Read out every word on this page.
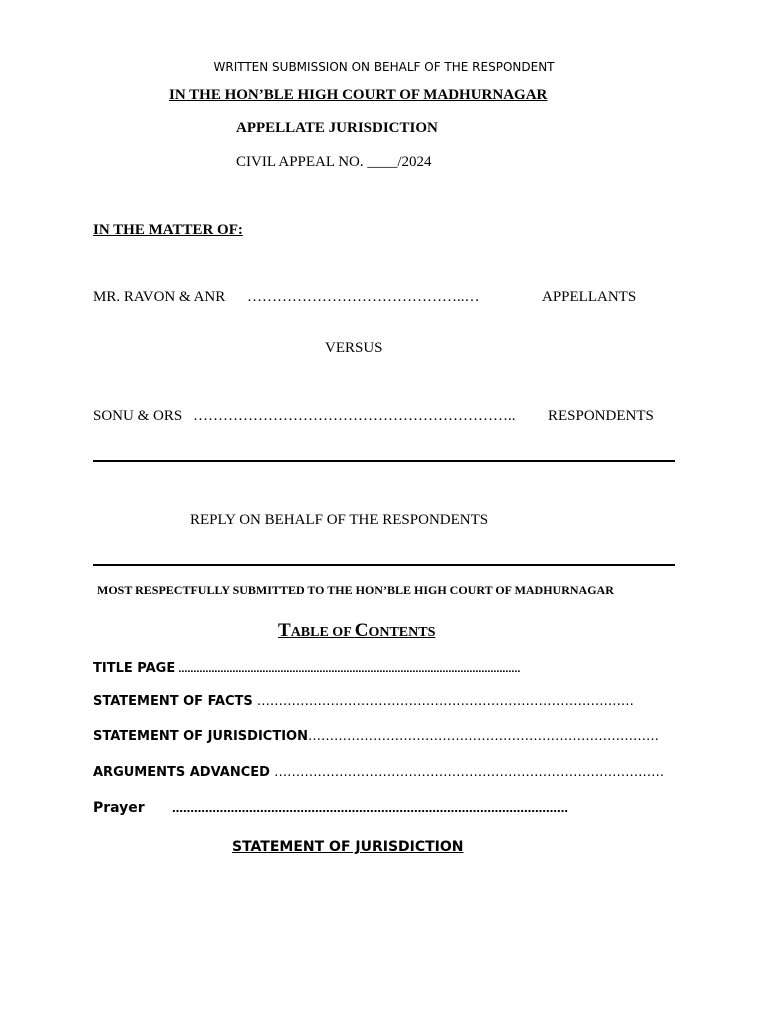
WRITTEN SUBMISSION ON BEHALF OF THE RESPONDENT
IN THE HON’BLE HIGH COURT OF MADHURNAGAR
APPELLATE JURISDICTION
CIVIL APPEAL NO. ____/2024
IN THE MATTER OF:
MR. RAVON & ANR ……………………………………..…	APPELLANTS
VERSUS
SONU & ORS ……………………………………………………….. RESPONDENTS
REPLY ON BEHALF OF THE RESPONDENTS
MOST RESPECTFULLY SUBMITTED TO THE HON’BLE HIGH COURT OF MADHURNAGAR
TABLE OF CONTENTS
TITLE PAGE ……………………………………………………………………………………………………
STATEMENT OF FACTS ……………………………………………………………………………
STATEMENT OF JURISDICTION………………………………………………………………………
ARGUMENTS ADVANCED ………………………………………………………………………………
Prayer ………………………………………………………………………………………………
STATEMENT OF JURISDICTION
